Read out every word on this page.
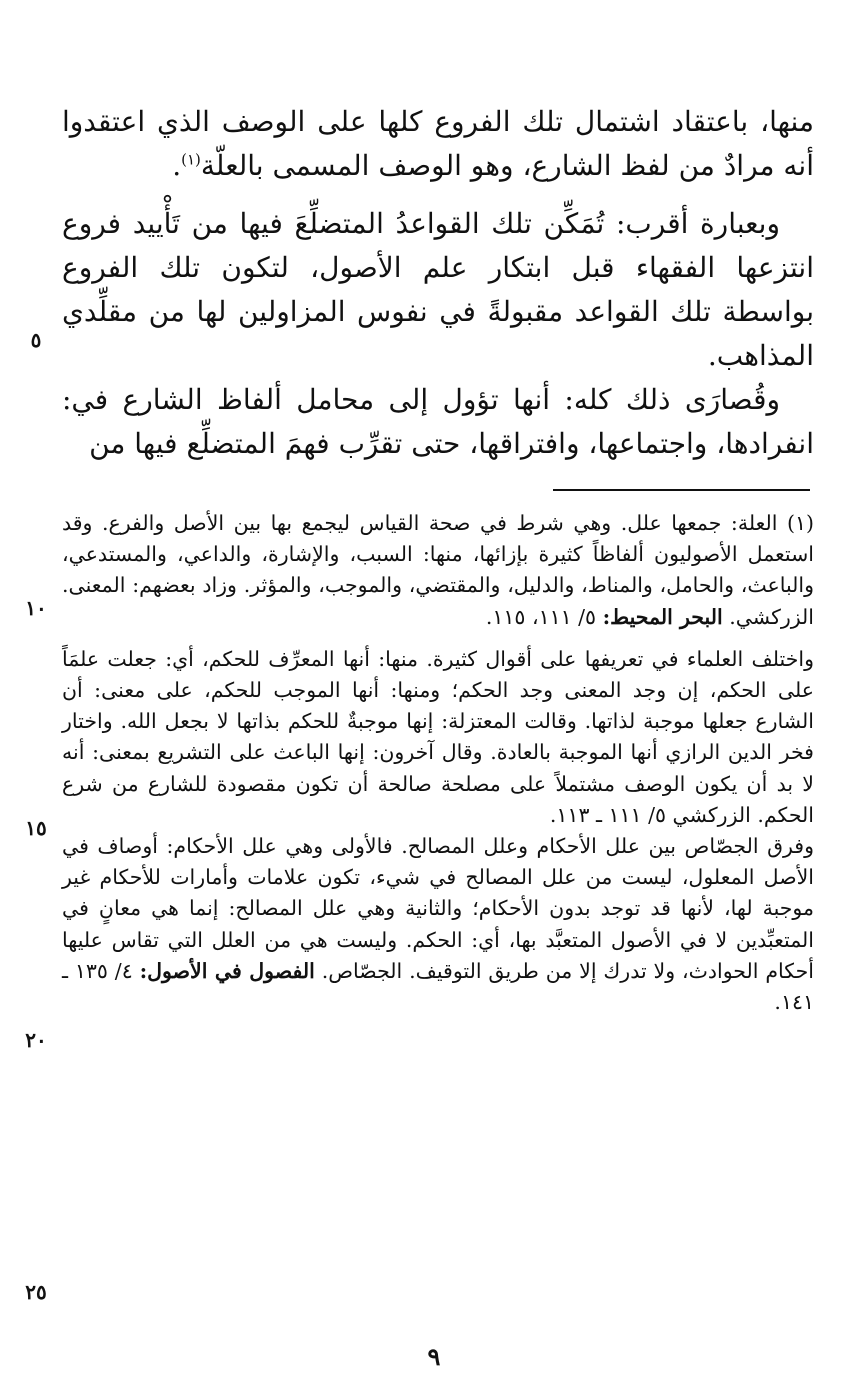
منها، باعتقاد اشتمال تلك الفروع كلها على الوصف الذي اعتقدوا أنه مرادٌ من لفظ الشارع، وهو الوصف المسمى بالعلّة$^{(١)}$.

وبعبارة أقرب: تُمَكِّن تلك القواعدُ المتضلِّعَ فيها من تَأْييد فروع انتزعها الفقهاء قبل ابتكار علم الأصول، لتكون تلك الفروع بواسطة تلك القواعد مقبولةً في نفوس المزاولين لها من مقلِّدي المذاهب.

وقُصارَى ذلك كله: أنها تؤول إلى محامل ألفاظ الشارع في: انفرادها، واجتماعها، وافتراقها، حتى تقرِّب فهمَ المتضلِّع فيها من

(١) العلة: جمعها علل. وهي شرط في صحة القياس ليجمع بها بين الأصل والفرع. وقد استعمل الأصوليون ألفاظاً كثيرة بإزائها، منها: السبب، والإشارة، والداعي، والمستدعي، والباعث، والحامل، والمناط، والدليل، والمقتضي، والموجب، والمؤثر. وزاد بعضهم: المعنى. الزركشي. البحر المحيط: ٥/ ١١١، ١١٥.

واختلف العلماء في تعريفها على أقوال كثيرة. منها: أنها المعرِّف للحكم، أي: جعلت علمَاً على الحكم، إن وجد المعنى وجد الحكم؛ ومنها: أنها الموجب للحكم، على معنى: أن الشارع جعلها موجبة لذاتها. وقالت المعتزلة: إنها موجبةٌ للحكم بذاتها لا بجعل الله. واختار فخر الدين الرازي أنها الموجبة بالعادة. وقال آخرون: إنها الباعث على التشريع بمعنى: أنه لا بد أن يكون الوصف مشتملاً على مصلحة صالحة أن تكون مقصودة للشارع من شرع الحكم. الزركشي ٥/ ١١١ ـ ١١٣.

وفرق الجصّاص بين علل الأحكام وعلل المصالح. فالأولى وهي علل الأحكام: أوصاف في الأصل المعلول، ليست من علل المصالح في شيء، تكون علامات وأمارات للأحكام غير موجبة لها، لأنها قد توجد بدون الأحكام؛ والثانية وهي علل المصالح: إنما هي معانٍ في المتعبِّدين لا في الأصول المتعبَّد بها، أي: الحكم. وليست هي من العلل التي تقاس عليها أحكام الحوادث، ولا تدرك إلا من طريق التوقيف. الجصّاص. الفصول في الأصول: ٤/ ١٣٥ ـ ١٤١.

٥
١٠
١٥
٢٠
٢٥
٩
